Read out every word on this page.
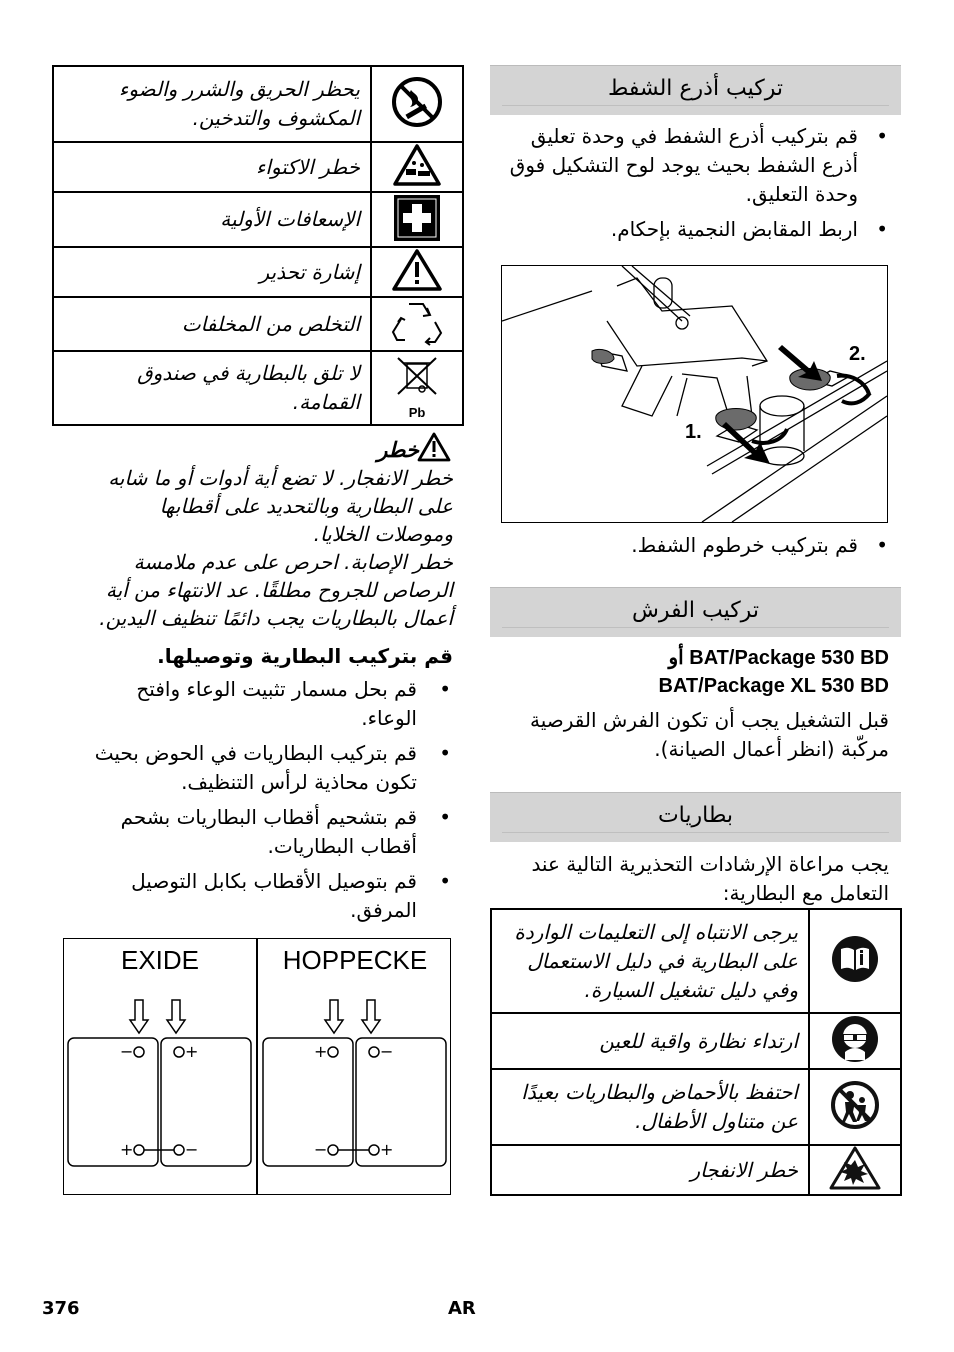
يحظر الحريق والشرر والضوء المكشوف والتدخين.	
خطر الاكتواء	
الإسعافات الأولية	
إشارة تحذير	
التخلص من المخلفات	
لا تلق بالبطارية في صندوق القمامة.	Pb
خطر
خطر الانفجار. لا تضع أية أدوات أو ما شابه على البطارية وبالتحديد على أقطابها وموصلات الخلايا.
خطر الإصابة. احرص على عدم ملامسة الرصاص للجروح مطلقًا. عد الانتهاء من أية أعمال بالبطاريات يجب دائمًا تنظيف اليدين.
قم بتركيب البطارية وتوصيلها.
• قم بحل مسمار تثبيت الوعاء وافتح الوعاء.
• قم بتركيب البطاريات في الحوض بحيث تكون محاذية لرأس التنظيف.
• قم بتشحيم أقطاب البطاريات بشحم أقطاب البطاريات.
• قم بتوصيل الأقطاب بكابل التوصيل المرفق.
EXIDE	HOPPECKE
−	+	+	−
+	−	−	+
تركيب أذرع الشفط
• قم بتركيب أذرع الشفط في وحدة تعليق أذرع الشفط بحيث يوجد لوح التشكيل فوق وحدة التعليق.
• اربط المقابض النجمية بإحكام.
1.
2.
• قم بتركيب خرطوم الشفط.
تركيب الفرش
BAT/Package 530 BD أو
BAT/Package XL 530 BD
قبل التشغيل يجب أن تكون الفرش القرصية مركّبة (انظر أعمال الصيانة).
بطاريات
يجب مراعاة الإرشادات التحذيرية التالية عند التعامل مع البطارية:
يرجى الانتباه إلى التعليمات الواردة على البطارية في دليل الاستعمال وفي دليل تشغيل السيارة.	
ارتداء نظارة واقية للعين	
احتفظ بالأحماض والبطاريات بعيدًا عن متناول الأطفال.	
خطر الانفجار	
376	AR
